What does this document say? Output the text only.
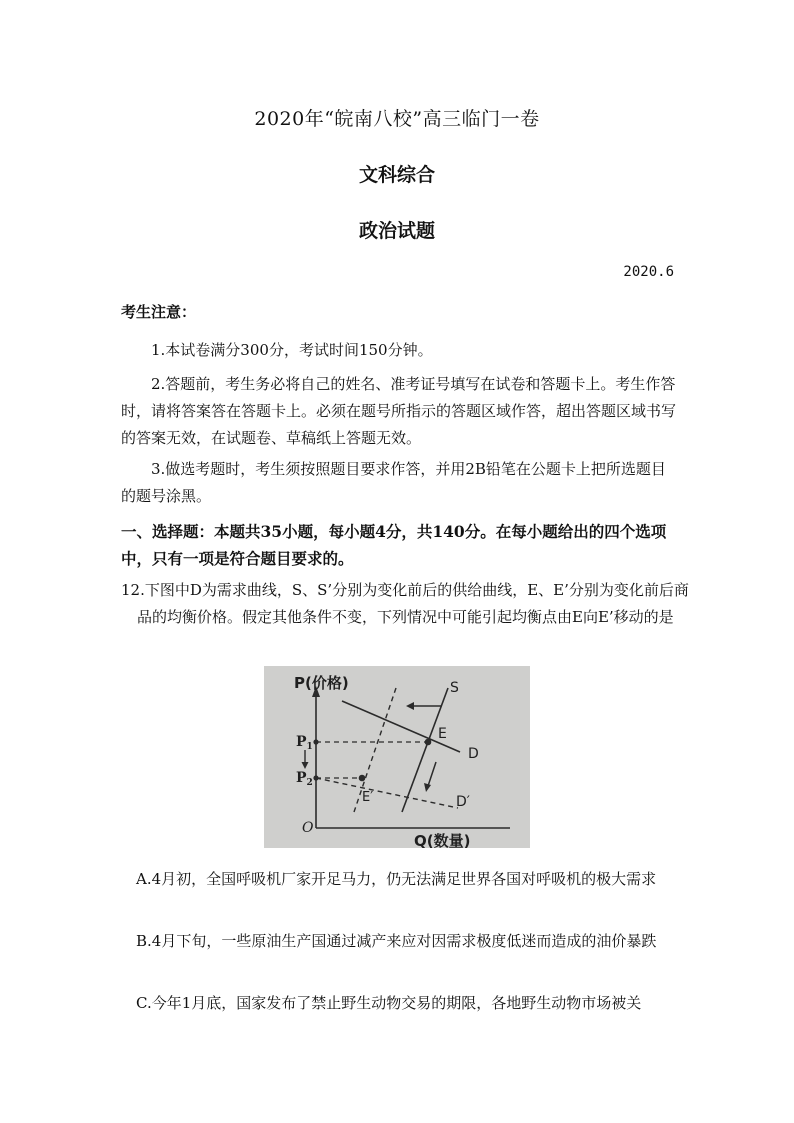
2020年“皖南八校”高三临门一卷
文科综合
政治试题
2020.6
考生注意：
1.本试卷满分300分，考试时间150分钟。
2.答题前，考生务必将自己的姓名、准考证号填写在试卷和答题卡上。考生作答时，请将答案答在答题卡上。必须在题号所指示的答题区域作答，超出答题区域书写的答案无效，在试题卷、草稿纸上答题无效。
3.做选考题时，考生须按照题目要求作答，并用2B铅笔在公题卡上把所选题目的题号涂黑。
一、选择题：本题共35小题，每小题4分，共140分。在每小题给出的四个选项中，只有一项是符合题目要求的。
12.下图中D为需求曲线，S、S’分别为变化前后的供给曲线，E、E’分别为变化前后商品的均衡价格。假定其他条件不变，下列情况中可能引起均衡点由E向E’移动的是
P(价格)
Q(数量)
O
$P_1$
$P_2$
S
E
D
E′	D′
A.4月初，全国呼吸机厂家开足马力，仍无法满足世界各国对呼吸机的极大需求
B.4月下旬，一些原油生产国通过减产来应对因需求极度低迷而造成的油价暴跌
C.今年1月底，国家发布了禁止野生动物交易的期限，各地野生动物市场被关
